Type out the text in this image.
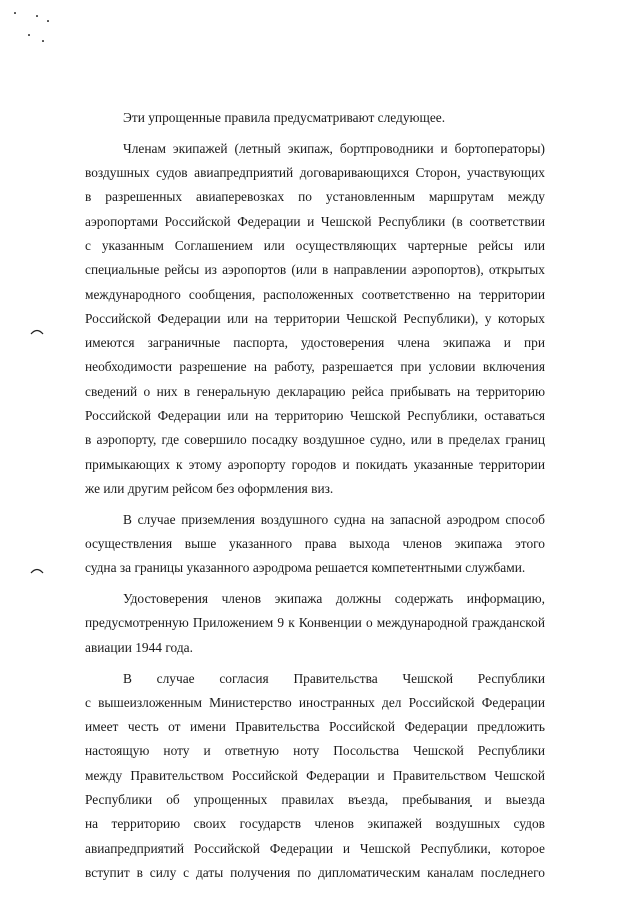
Эти упрощенные правила предусматривают следующее.
Членам экипажей (летный экипаж, бортпроводники и бортоператоры)
воздушных судов авиапредприятий договаривающихся Сторон, участвующих
в разрешенных авиаперевозках по установленным маршрутам между
аэропортами Российской Федерации и Чешской Республики (в соответствии
с указанным Соглашением или осуществляющих чартерные рейсы или
специальные рейсы из аэропортов (или в направлении аэропортов), открытых
международного сообщения, расположенных соответственно на территории
Российской Федерации или на территории Чешской Республики), у которых
имеются заграничные паспорта, удостоверения члена экипажа и при
необходимости разрешение на работу, разрешается при условии включения
сведений о них в генеральную декларацию рейса прибывать на территорию
Российской Федерации или на территорию Чешской Республики, оставаться
в аэропорту, где совершило посадку воздушное судно, или в пределах границ
примыкающих к этому аэропорту городов и покидать указанные территории
же или другим рейсом без оформления виз.
В случае приземления воздушного судна на запасной аэродром способ
осуществления выше указанного права выхода членов экипажа этого
судна за границы указанного аэродрома решается компетентными службами.
Удостоверения членов экипажа должны содержать информацию,
предусмотренную Приложением 9 к Конвенции о международной гражданской
авиации 1944 года.
В случае согласия Правительства Чешской Республики
с вышеизложенным Министерство иностранных дел Российской Федерации
имеет честь от имени Правительства Российской Федерации предложить
настоящую ноту и ответную ноту Посольства Чешской Республики
между Правительством Российской Федерации и Правительством Чешской
Республики об упрощенных правилах въезда, пребывания и выезда
на территорию своих государств членов экипажей воздушных судов
авиапредприятий Российской Федерации и Чешской Республики, которое
вступит в силу с даты получения по дипломатическим каналам последнего
